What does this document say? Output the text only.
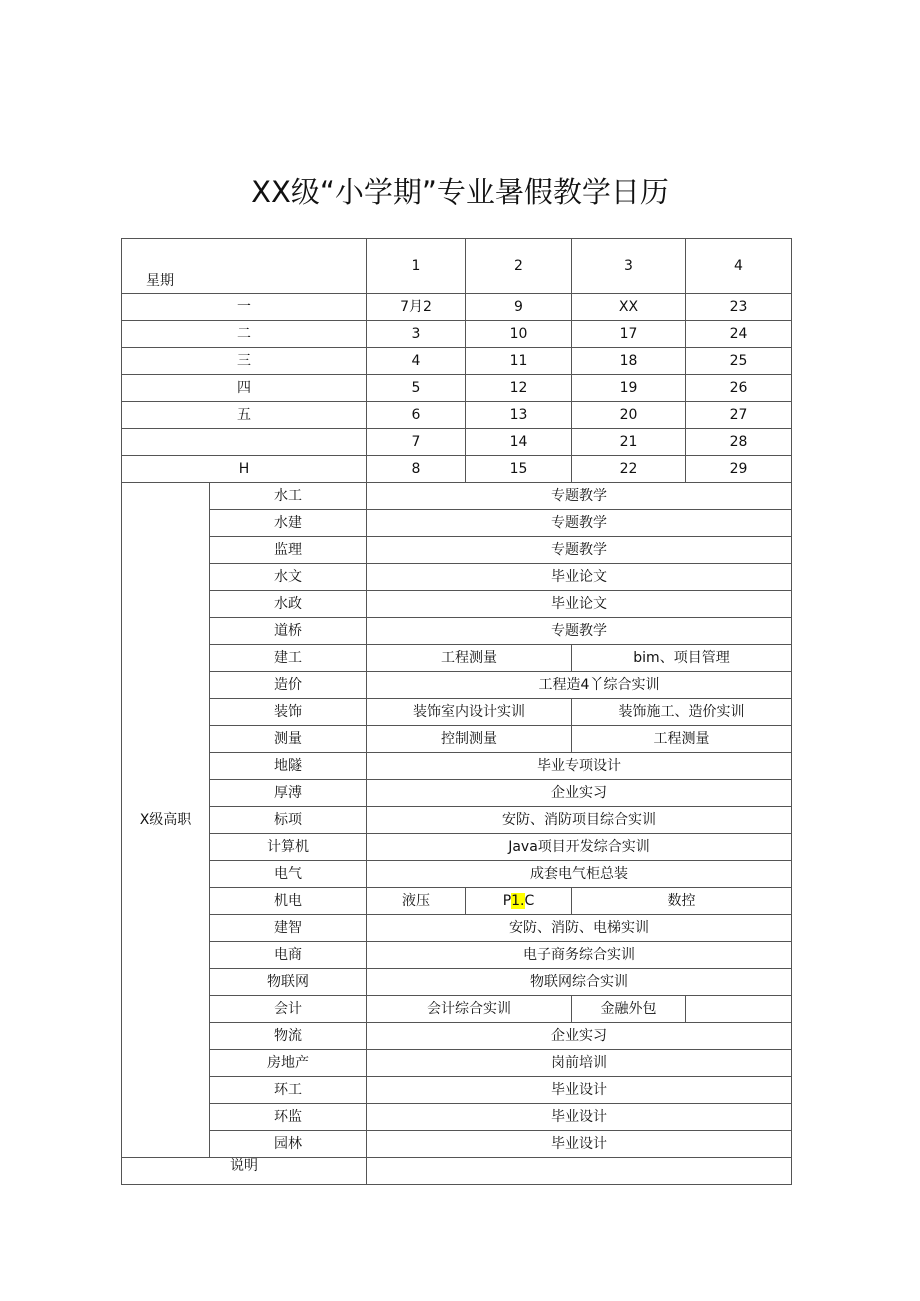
XX级“小学期”专业暑假教学日历
星期		1	2	3	4
一		7月2	9	XX	23
二		3	10	17	24
三		4	11	18	25
四		5	12	19	26
五		6	13	20	27
		7	14	21	28
H		8	15	22	29
X级高职	水工	专题教学			
	水建	专题教学			
	监理	专题教学			
	水文	毕业论文			
	水政	毕业论文			
	道桥	专题教学			
	建工	工程测量		bim、项目管理	
	造价	工程造4丫综合实训			
	装饰	装饰室内设计实训		装饰施工、造价实训	
	测量	控制测量		工程测量	
	地隧	毕业专项设计			
	厚溥	企业实习			
	标项	安防、消防项目综合实训			
	计算机	Java项目开发综合实训			
	电气	成套电气柜总装			
	机电	液压	P1.C	数控	
	建智	安防、消防、电梯实训			
	电商	电子商务综合实训			
	物联网	物联网综合实训			
	会计	会计综合实训		金融外包	
	物流	企业实习			
	房地产	岗前培训			
	环工	毕业设计			
	环监	毕业设计			
	园林	毕业设计			
说明					
